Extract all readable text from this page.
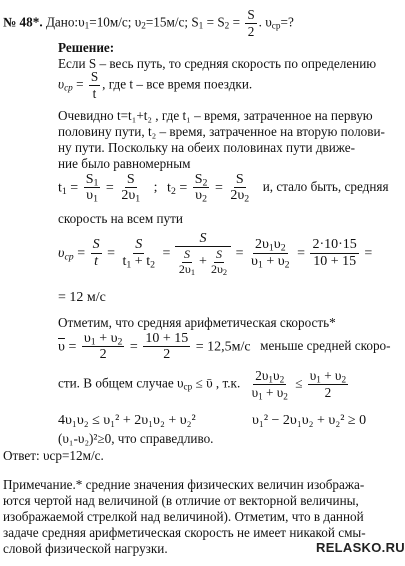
№ 48*. $Дано:\upsilon_1=10м/с$; $\upsilon_2=15м/с$; $S_1 = S_2 = \frac{S}{2}$ . $\upsilon_{ср}=$?
Решение:
Если S – весь путь, то средняя скорость по определению
$\upsilon_{ср} = \frac{S}{t}$ , где t – все время поездки.
Очевидно t=t₁+t₂ , где t₁ – время, затраченное на первую
половину пути, t₂ – время, затраченное на вторую полови-
ну пути. Поскольку на обеих половинах пути движе-
ние было равномерным
$t_1 = \frac{S_1}{\upsilon_1} = \frac{S}{2\upsilon_1}$ ; $t_2 = \frac{S_2}{\upsilon_2} = \frac{S}{2\upsilon_2} и$, стало быть, средняя
скорость на всем пути
$\upsilon_{ср} = \frac{S}{t} = \frac{S}{t_1 + t_2} = \frac{S}{\frac{S}{2\upsilon_1} + \frac{S}{2\upsilon_2}} = \frac{2\upsilon_1\upsilon_2}{\upsilon_1 + \upsilon_2} = \frac{2\cdot 10\cdot 15}{10 + 15}$ =
= 12 м/с
Отметим, что средняя арифметическая скорость*
$\overline{\upsilon} = \frac{\upsilon_1 + \upsilon_2}{2} = \frac{10 + 15}{2} = 12,5м/с$ меньше средней скоро-
сти. В общем случае $\upsilon_{ср}$ ≤ ῡ , т.к. $\frac{2\upsilon_1\upsilon_2}{\upsilon_1 + \upsilon_2} \le \frac{\upsilon_1 + \upsilon_2}{2}$
4υ₁υ₂ ≤ υ₁² + 2υ₁υ₂ + υ₂²	υ₁² − 2υ₁υ₂ + υ₂² ≥ 0
(υ₁-υ₂)²≥0, что справедливо.
Ответ: υср=12м/с.
Примечание.* средние значения физических величин изобража-
ются чертой над величиной (в отличие от векторной величины,
изображаемой стрелкой над величиной). Отметим, что в данной
задаче средняя арифметическая скорость не имеет никакой смы-
словой физической нагрузки.	RELASKO.RU
